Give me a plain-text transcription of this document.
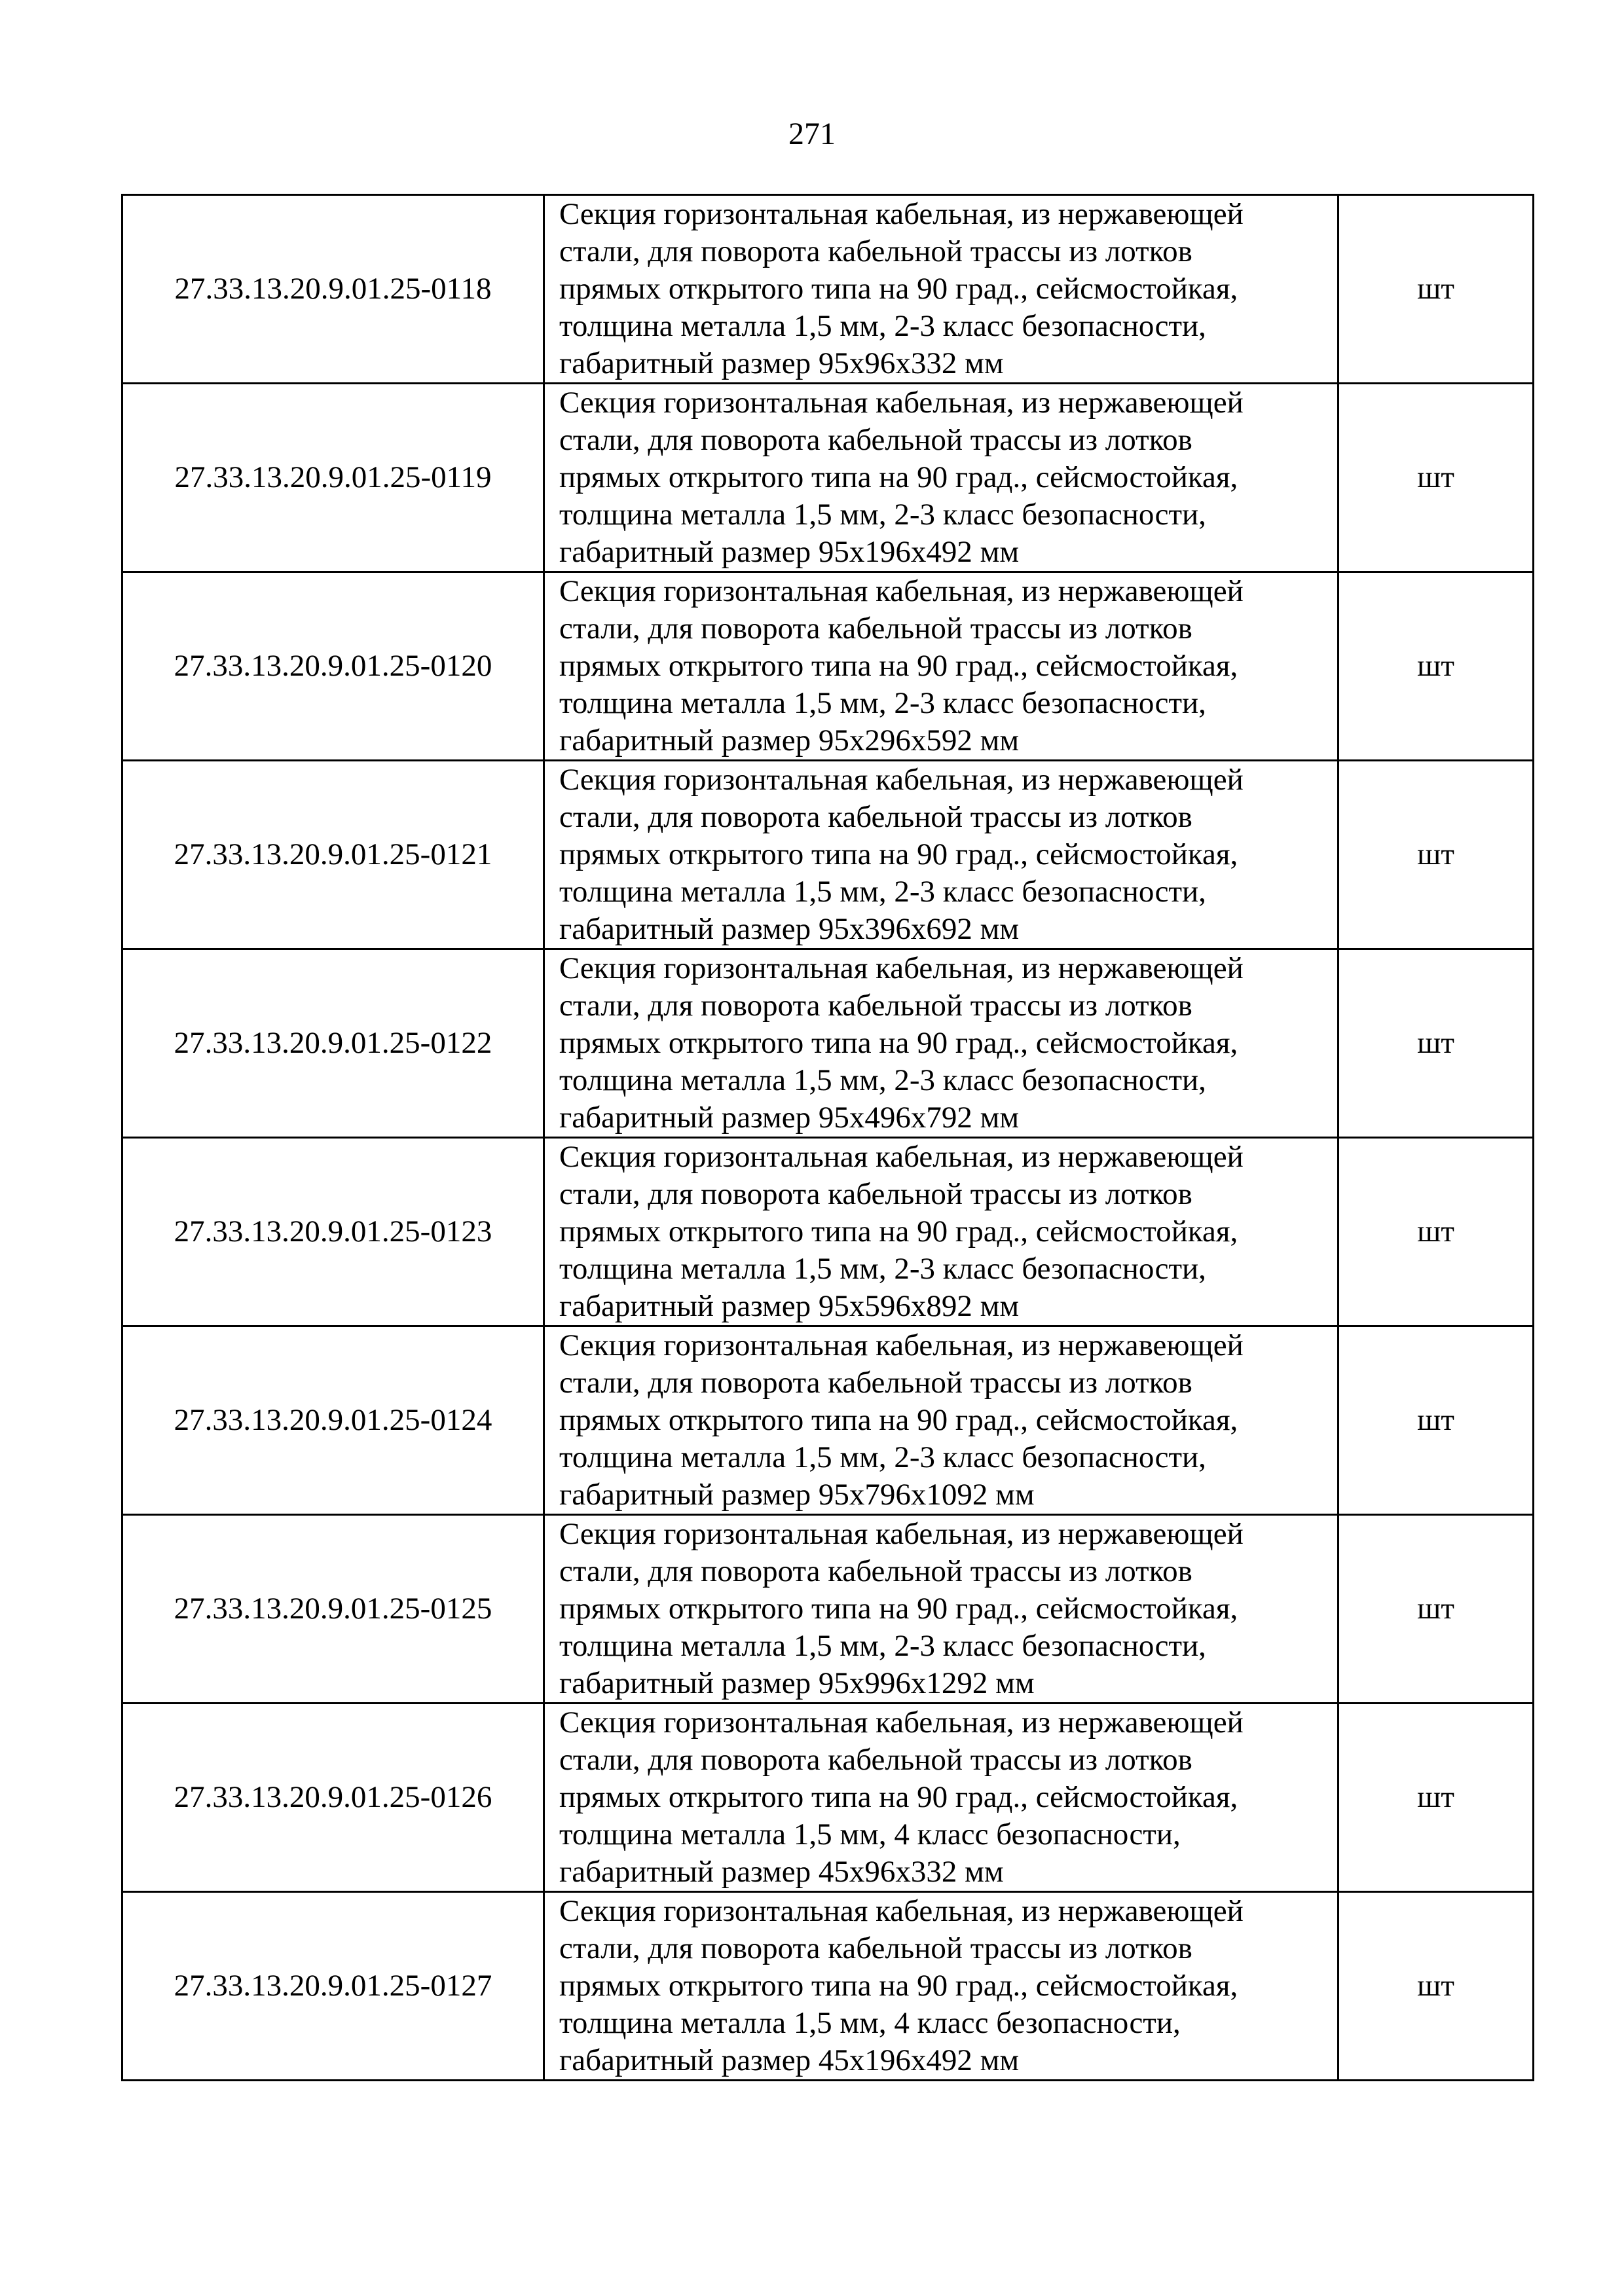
271
27.33.13.20.9.01.25-0118	Секция горизонтальная кабельная, из нержавеющей
стали, для поворота кабельной трассы из лотков
прямых открытого типа на 90 град., сейсмостойкая,
толщина металла 1,5 мм, 2-3 класс безопасности,
габаритный размер 95x96x332 мм	шт
27.33.13.20.9.01.25-0119	Секция горизонтальная кабельная, из нержавеющей
стали, для поворота кабельной трассы из лотков
прямых открытого типа на 90 град., сейсмостойкая,
толщина металла 1,5 мм, 2-3 класс безопасности,
габаритный размер 95x196x492 мм	шт
27.33.13.20.9.01.25-0120	Секция горизонтальная кабельная, из нержавеющей
стали, для поворота кабельной трассы из лотков
прямых открытого типа на 90 град., сейсмостойкая,
толщина металла 1,5 мм, 2-3 класс безопасности,
габаритный размер 95x296x592 мм	шт
27.33.13.20.9.01.25-0121	Секция горизонтальная кабельная, из нержавеющей
стали, для поворота кабельной трассы из лотков
прямых открытого типа на 90 град., сейсмостойкая,
толщина металла 1,5 мм, 2-3 класс безопасности,
габаритный размер 95x396x692 мм	шт
27.33.13.20.9.01.25-0122	Секция горизонтальная кабельная, из нержавеющей
стали, для поворота кабельной трассы из лотков
прямых открытого типа на 90 град., сейсмостойкая,
толщина металла 1,5 мм, 2-3 класс безопасности,
габаритный размер 95x496x792 мм	шт
27.33.13.20.9.01.25-0123	Секция горизонтальная кабельная, из нержавеющей
стали, для поворота кабельной трассы из лотков
прямых открытого типа на 90 град., сейсмостойкая,
толщина металла 1,5 мм, 2-3 класс безопасности,
габаритный размер 95x596x892 мм	шт
27.33.13.20.9.01.25-0124	Секция горизонтальная кабельная, из нержавеющей
стали, для поворота кабельной трассы из лотков
прямых открытого типа на 90 град., сейсмостойкая,
толщина металла 1,5 мм, 2-3 класс безопасности,
габаритный размер 95x796x1092 мм	шт
27.33.13.20.9.01.25-0125	Секция горизонтальная кабельная, из нержавеющей
стали, для поворота кабельной трассы из лотков
прямых открытого типа на 90 град., сейсмостойкая,
толщина металла 1,5 мм, 2-3 класс безопасности,
габаритный размер 95x996x1292 мм	шт
27.33.13.20.9.01.25-0126	Секция горизонтальная кабельная, из нержавеющей
стали, для поворота кабельной трассы из лотков
прямых открытого типа на 90 град., сейсмостойкая,
толщина металла 1,5 мм, 4 класс безопасности,
габаритный размер 45x96x332 мм	шт
27.33.13.20.9.01.25-0127	Секция горизонтальная кабельная, из нержавеющей
стали, для поворота кабельной трассы из лотков
прямых открытого типа на 90 град., сейсмостойкая,
толщина металла 1,5 мм, 4 класс безопасности,
габаритный размер 45x196x492 мм	шт
